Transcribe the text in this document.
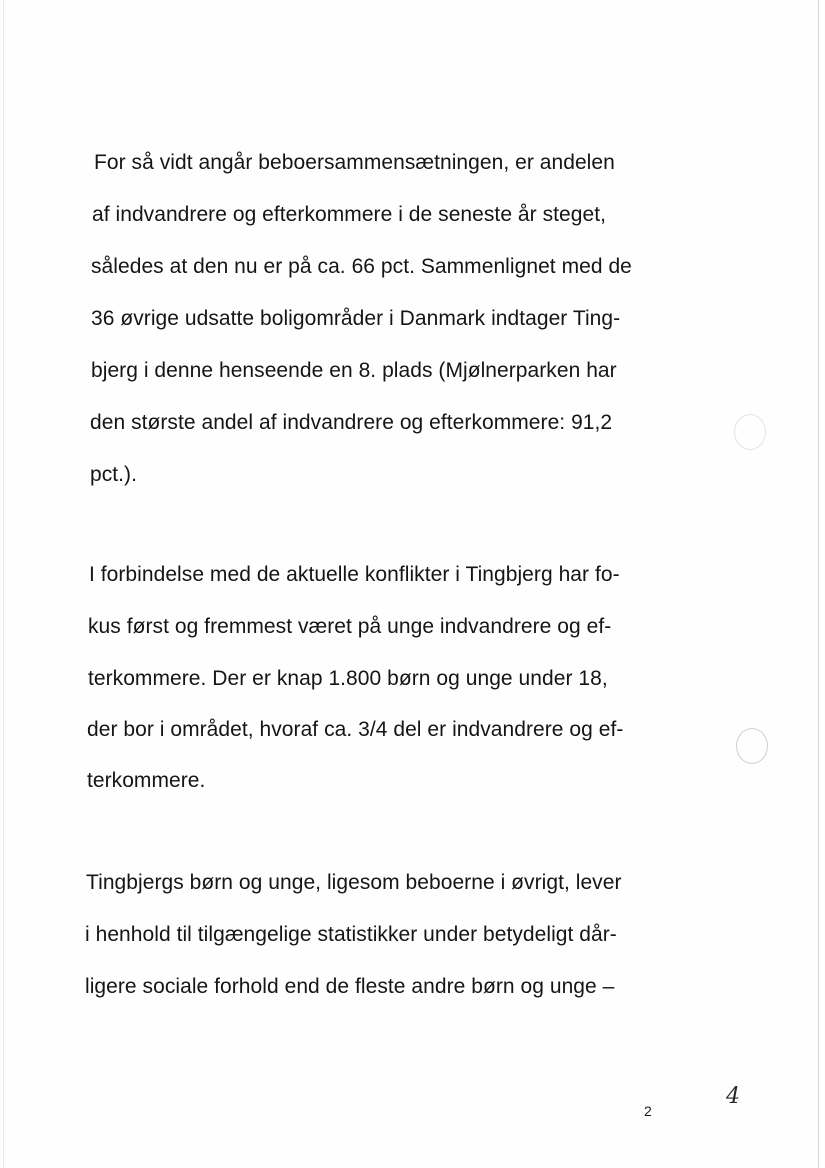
For så vidt angår beboersammensætningen, er andelen
af indvandrere og efterkommere i de seneste år steget,
således at den nu er på ca. 66 pct. Sammenlignet med de
36 øvrige udsatte boligområder i Danmark indtager Ting-
bjerg i denne henseende en 8. plads (Mjølnerparken har
den største andel af indvandrere og efterkommere: 91,2
pct.).
I forbindelse med de aktuelle konflikter i Tingbjerg har fo-
kus først og fremmest været på unge indvandrere og ef-
terkommere. Der er knap 1.800 børn og unge under 18,
der bor i området, hvoraf ca. 3/4 del er indvandrere og ef-
terkommere.
Tingbjergs børn og unge, ligesom beboerne i øvrigt, lever
i henhold til tilgængelige statistikker under betydeligt dår-
ligere sociale forhold end de fleste andre børn og unge –
2
4
